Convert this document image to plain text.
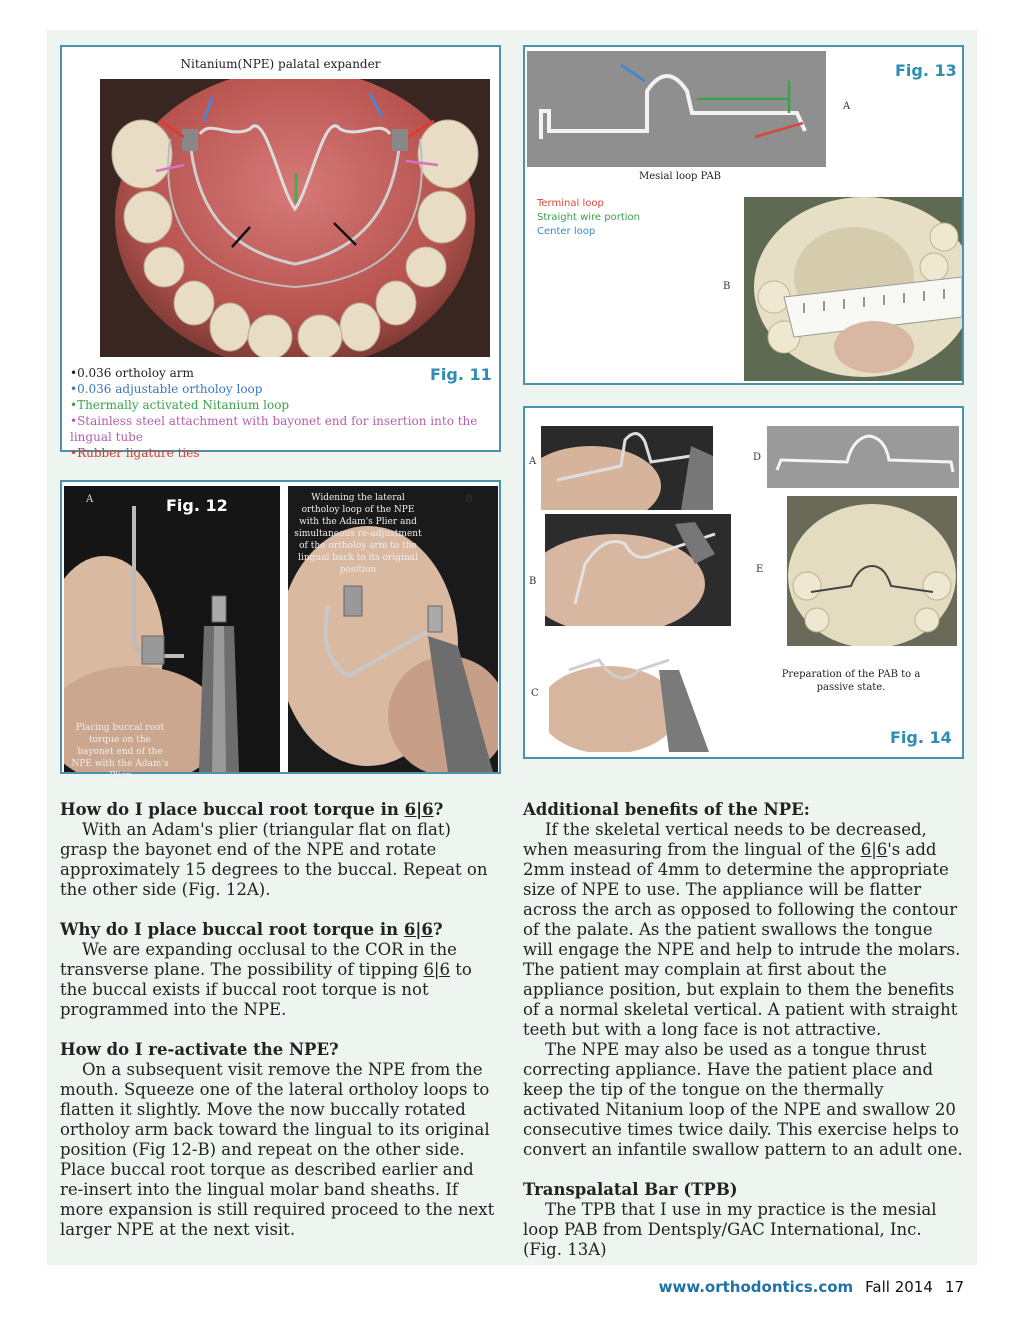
Nitanium(NPE) palatal expander
•0.036 ortholoy arm
•0.036 adjustable ortholoy loop
•Thermally activated Nitanium loop
•Stainless steel attachment with bayonet end for insertion into the lingual tube
•Rubber ligature ties
Fig. 11
A	Fig. 12
Placing buccal root torque on the bayonet end of the NPE with the Adam's Plier
B
Widening the lateral ortholoy loop of the NPE with the Adam's Plier and simultaneous re-adjustment of the ortholoy arm to the lingual back to its original position
A
Mesial loop PAB
Fig. 13
Terminal loop
Straight wire portion
Center loop
B
A	D
B
E
C
Preparation of the PAB to a passive state.
Fig. 14
How do I place buccal root torque in 6|6?

With an Adam's plier (triangular flat on flat) grasp the bayonet end of the NPE and rotate approximately 15 degrees to the buccal. Repeat on the other side (Fig. 12A).

Why do I place buccal root torque in 6|6?

We are expanding occlusal to the COR in the transverse plane. The possibility of tipping 6|6 to the buccal exists if buccal root torque is not programmed into the NPE.

How do I re-activate the NPE?

On a subsequent visit remove the NPE from the mouth. Squeeze one of the lateral ortholoy loops to flatten it slightly. Move the now buccally rotated ortholoy arm back toward the lingual to its original position (Fig 12-B) and repeat on the other side. Place buccal root torque as described earlier and re-insert into the lingual molar band sheaths. If more expansion is still required proceed to the next larger NPE at the next visit.

Additional benefits of the NPE:

If the skeletal vertical needs to be decreased, when measuring from the lingual of the 6|6's add 2mm instead of 4mm to determine the appropriate size of NPE to use. The appliance will be flatter across the arch as opposed to following the contour of the palate. As the patient swallows the tongue will engage the NPE and help to intrude the molars. The patient may complain at first about the appliance position, but explain to them the benefits of a normal skeletal vertical. A patient with straight teeth but with a long face is not attractive.

The NPE may also be used as a tongue thrust correcting appliance. Have the patient place and keep the tip of the tongue on the thermally activated Nitanium loop of the NPE and swallow 20 consecutive times twice daily. This exercise helps to convert an infantile swallow pattern to an adult one.

Transpalatal Bar (TPB)

The TPB that I use in my practice is the mesial loop PAB from Dentsply/GAC International, Inc. (Fig. 13A)

www.orthodontics.com Fall 2014 17
